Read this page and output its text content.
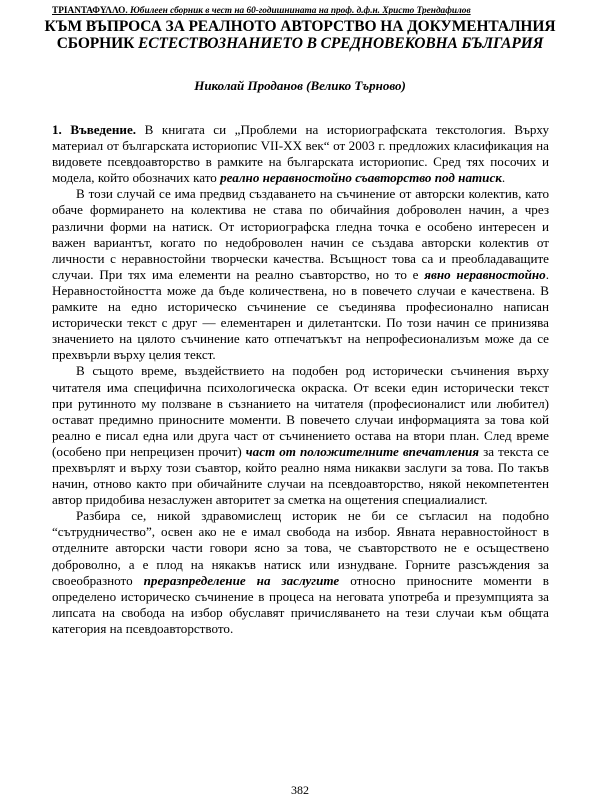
ΤΡΙΑΝΤΑΦΥΛΛΟ. Юбилеен сборник в чест на 60-годишнината на проф. д.ф.н. Христо Трендафилов
КЪМ ВЪПРОСА ЗА РЕАЛНОТО АВТОРСТВО НА ДОКУМЕНТАЛНИЯ
СБОРНИК ЕСТЕСТВОЗНАНИЕТО В СРЕДНОВЕКОВНА БЪЛГАРИЯ
Николай Проданов (Велико Търново)

1. Въведение. В книгата си „Проблеми на историографската текстология. Върху материал от българската историопис VII-XX век“ от 2003 г. предложих класификация на видовете псевдоавторство в рамките на българската историопис. Сред тях посочих и модела, който обозначих като реално неравностойно съавторство под натиск.

В този случай се има предвид създаването на съчинение от авторски колектив, като обаче формирането на колектива не става по обичайния доброволен начин, а чрез различни форми на натиск. От историографска гледна точка е особено интересен и важен вариантът, когато по недоброволен начин се създава авторски колектив от личности с неравностойни творчески качества. Всъщност това са и преобладаващите случаи. При тях има елементи на реално съавторство, но то е явно неравностойно. Неравностойността може да бъде количествена, но в повечето случаи е качествена. В рамките на едно историческо съчинение се съединява професионално написан исторически текст с друг — елементарен и дилетантски. По този начин се принизява значението на цялото съчинение като отпечатъкът на непрофесионализъм може да се прехвърли върху целия текст.

В същото време, въздействието на подобен род исторически съчинения върху читателя има специфична психологическа окраска. От всеки един исторически текст при рутинното му ползване в съзнанието на читателя (професионалист или любител) остават предимно приносните моменти. В повечето случаи информацията за това кой реално е писал една или друга част от съчинението остава на втори план. След време (особено при непрецизен прочит) част от положителните впечатления за текста се прехвърлят и върху този съавтор, който реално няма никакви заслуги за това. По такъв начин, отново както при обичайните случаи на псевдоавторство, някой некомпетентен автор придобива незаслужен авторитет за сметка на ощетения специалиалист.

Разбира се, никой здравомислещ историк не би се съгласил на подобно “сътрудничество”, освен ако не е имал свобода на избор. Явната неравностойност в отделните авторски части говори ясно за това, че съавторството не е осъществено доброволно, а е плод на някакъв натиск или изнудване. Горните разсъждения за своеобразното преразпределение на заслугите относно приносните моменти в определено историческо съчинение в процеса на неговата употреба и презумпцията за липсата на свобода на избор обуславят причисляването на тези случаи към общата категория на псевдоавторството.

382
